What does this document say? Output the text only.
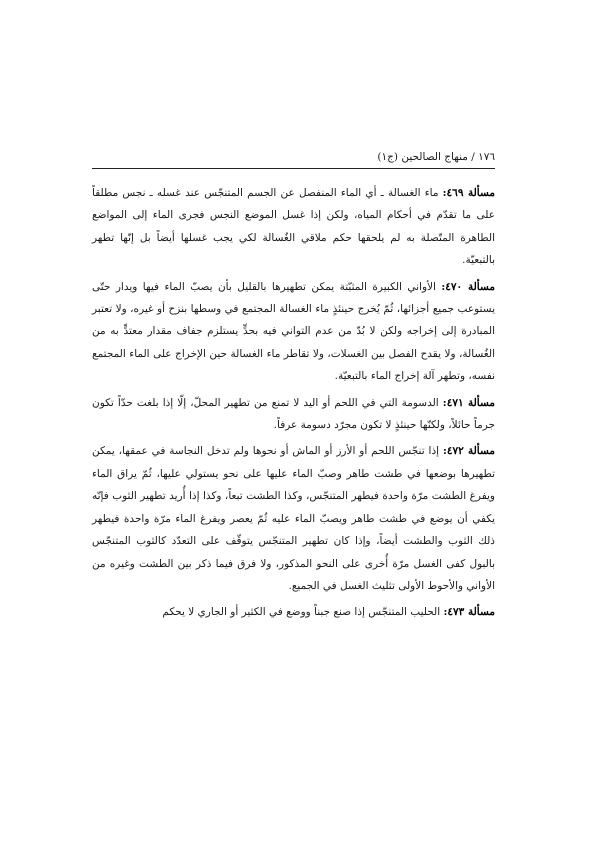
١٧٦ / منهاج الصالحين (ج١)

مسألة ٤٦٩: ماء الغسالة ـ أي الماء المنفصل عن الجسم المتنجّس عند غسله ـ نجس مطلقاً على ما تقدّم في أحكام المياه، ولكن إذا غسل الموضع النجس فجرى الماء إلى المواضع الطاهرة المتّصلة به لم يلحقها حكم ملاقي الغُسالة لكي يجب غسلها أيضاً بل إنّها تطهر بالتبعيّة.

مسألة ٤٧٠: الأواني الكبيرة المثبّتة يمكن تطهيرها بالقليل بأن يصبّ الماء فيها ويدار حتّى يستوعب جميع أجزائها، ثُمّ يُخرج حينئذٍ ماء الغسالة المجتمع في وسطها بنزح أو غيره، ولا تعتبر المبادرة إلى إخراجه ولكن لا بُدّ من عدم التواني فيه بحدٍّ يستلزم جفاف مقدار معتدٍّ به من الغُسالة، ولا يقدح الفصل بين الغسلات، ولا تقاطر ماء الغسالة حين الإخراج على الماء المجتمع نفسه، وتطهر آلة إخراج الماء بالتبعيّة.

مسألة ٤٧١: الدسومة التي في اللحم أو اليد لا تمنع من تطهير المحلّ، إلّا إذا بلغت حدّاً تكون جرماً حائلاً، ولكنّها حينئذٍ لا تكون مجرّد دسومة عرفاً.

مسألة ٤٧٢: إذا تنجّس اللحم أو الأرز أو الماش أو نحوها ولم تدخل النجاسة في عمقها، يمكن تطهيرها بوضعها في طشت طاهر وصبّ الماء عليها على نحو يستولي عليها، ثُمّ يراق الماء ويفرغ الطشت مرّة واحدة فيطهر المتنجّس، وكذا الطشت تبعاً، وكذا إذا أُريد تطهير الثوب فإنّه يكفي أن يوضع في طشت طاهر ويصبّ الماء عليه ثُمّ يعصر ويفرغ الماء مرّة واحدة فيطهر ذلك الثوب والطشت أيضاً، وإذا كان تطهير المتنجّس يتوقّف على التعدّد كالثوب المتنجّس بالبول كفى الغسل مرّة أُخرى على النحو المذكور، ولا فرق فيما ذكر بين الطشت وغيره من الأواني والأحوط الأولى تثليث الغسل في الجميع.

مسألة ٤٧٣: الحليب المتنجّس إذا صنع جبناً ووضع في الكثير أو الجاري لا يحكم
